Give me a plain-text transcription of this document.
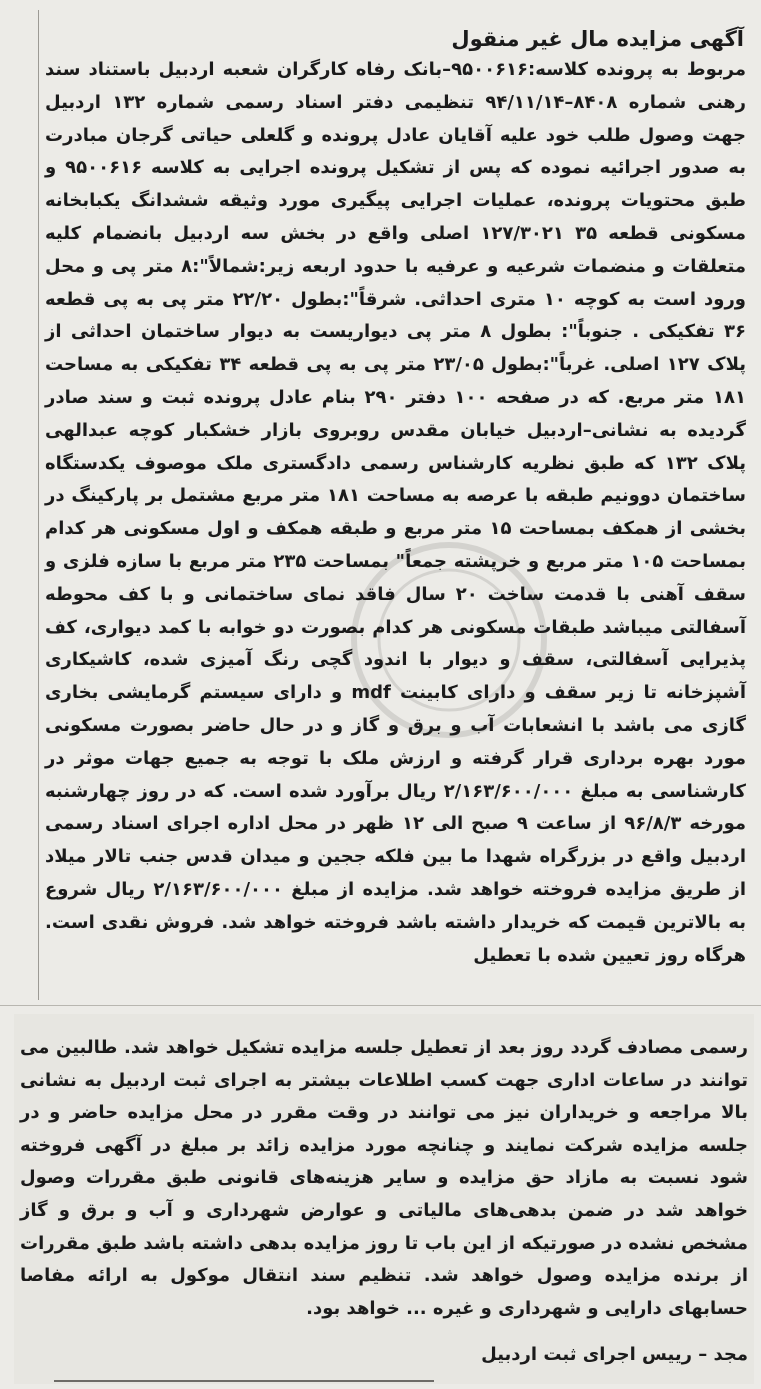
آگهی مزایده مال غیر منقول

مربوط به پرونده کلاسه:۹۵۰۰۶۱۶–بانک رفاه کارگران شعبه اردبیل باستناد سند رهنی شماره ۸۴۰۸–۹۴/۱۱/۱۴ تنظیمی دفتر اسناد رسمی شماره ۱۳۲ اردبیل جهت وصول طلب خود علیه آقایان عادل پرونده و گلعلی حیاتی گرجان مبادرت به صدور اجرائیه نموده که پس از تشکیل پرونده اجرایی به کلاسه ۹۵۰۰۶۱۶ و طبق محتویات پرونده، عملیات اجرایی پیگیری مورد وثیقه ششدانگ یکبابخانه مسکونی قطعه ۳۵ ۱۲۷/۳۰۲۱ اصلی واقع در بخش سه اردبیل بانضمام کلیه متعلقات و منضمات شرعیه و عرفیه با حدود اربعه زیر:شمالاً":۸ متر پی و محل ورود است به کوچه ۱۰ متری احداثی. شرقاً":بطول ۲۲/۲۰ متر پی به پی قطعه ۳۶ تفکیکی . جنوباً": بطول ۸ متر پی دیواریست به دیوار ساختمان احداثی از پلاک ۱۲۷ اصلی. غرباً":بطول ۲۳/۰۵ متر پی به پی قطعه ۳۴ تفکیکی به مساحت ۱۸۱ متر مربع. که در صفحه ۱۰۰ دفتر ۲۹۰ بنام عادل پرونده ثبت و سند صادر گردیده به نشانی–اردبیل خیابان مقدس روبروی بازار خشکبار کوچه عبدالهی پلاک ۱۳۲ که طبق نظریه کارشناس رسمی دادگستری ملک موصوف یکدستگاه ساختمان دوونیم طبقه با عرصه به مساحت ۱۸۱ متر مربع مشتمل بر پارکینگ در بخشی از همکف بمساحت ۱۵ متر مربع و طبقه همکف و اول مسکونی هر کدام بمساحت ۱۰۵ متر مربع و خرپشته جمعاً" بمساحت ۲۳۵ متر مربع با سازه فلزی و سقف آهنی با قدمت ساخت ۲۰ سال فاقد نمای ساختمانی و با کف محوطه آسفالتی میباشد طبقات مسکونی هر کدام بصورت دو خوابه با کمد دیواری، کف پذیرایی آسفالتی، سقف و دیوار با اندود گچی رنگ آمیزی شده، کاشیکاری آشپزخانه تا زیر سقف و دارای کابینت mdf و دارای سیستم گرمایشی بخاری گازی می باشد با انشعابات آب و برق و گاز و در حال حاضر بصورت مسکونی مورد بهره برداری قرار گرفته و ارزش ملک با توجه به جمیع جهات موثر در کارشناسی به مبلغ ۲/۱۶۳/۶۰۰/۰۰۰ ریال برآورد شده است. که در روز چهارشنبه مورخه ۹۶/۸/۳ از ساعت ۹ صبح الی ۱۲ ظهر در محل اداره اجرای اسناد رسمی اردبیل واقع در بزرگراه شهدا ما بین فلکه ججین و میدان قدس جنب تالار میلاد از طریق مزایده فروخته خواهد شد. مزایده از مبلغ ۲/۱۶۳/۶۰۰/۰۰۰ ریال شروع به بالاترین قیمت که خریدار داشته باشد فروخته خواهد شد. فروش نقدی است. هرگاه روز تعیین شده با تعطیل

رسمی مصادف گردد روز بعد از تعطیل جلسه مزایده تشکیل خواهد شد. طالبین می توانند در ساعات اداری جهت کسب اطلاعات بیشتر به اجرای ثبت اردبیل به نشانی بالا مراجعه و خریداران نیز می توانند در وقت مقرر در محل مزایده حاضر و در جلسه مزایده شرکت نمایند و چنانچه مورد مزایده زائد بر مبلغ در آگهی فروخته شود نسبت به مازاد حق مزایده و سایر هزینه‌های قانونی طبق مقررات وصول خواهد شد در ضمن بدهی‌های مالیاتی و عوارض شهرداری و آب و برق و گاز مشخص نشده در صورتیکه از این باب تا روز مزایده بدهی داشته باشد طبق مقررات از برنده مزایده وصول خواهد شد. تنظیم سند انتقال موکول به ارائه مفاصا حسابهای دارایی و شهرداری و غیره ... خواهد بود.

مجد – رییس اجرای ثبت اردبیل
